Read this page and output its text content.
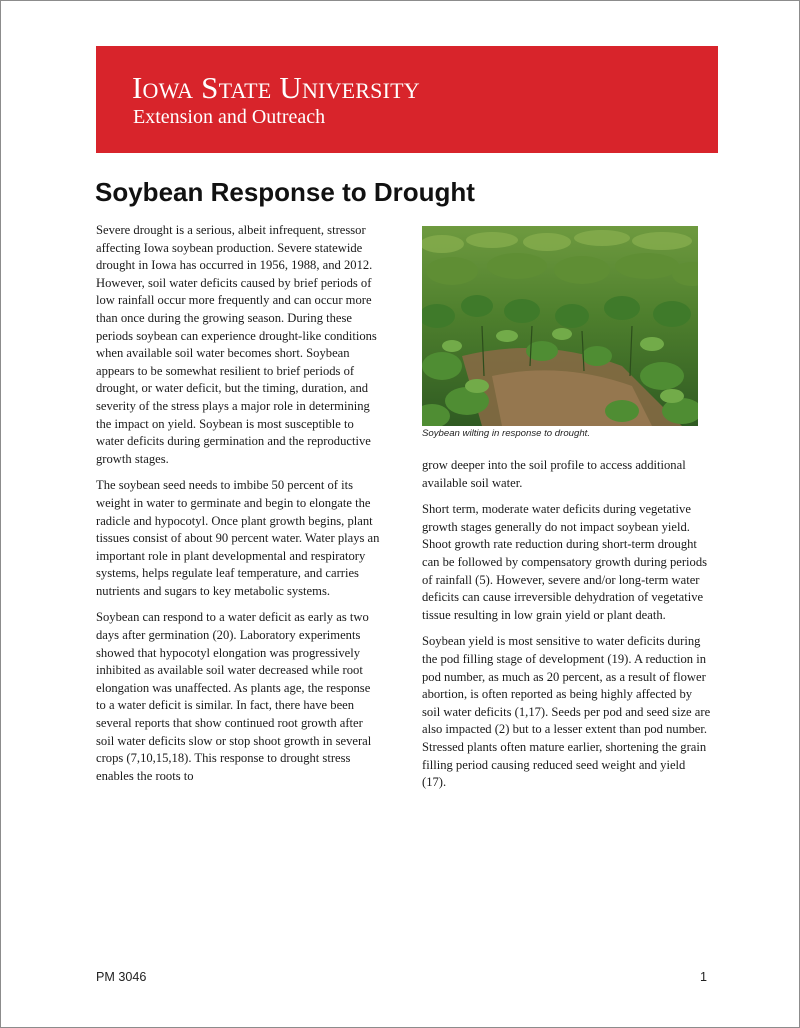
Iowa State University
Extension and Outreach
Soybean Response to Drought

Severe drought is a serious, albeit infrequent, stressor affecting Iowa soybean production. Severe statewide drought in Iowa has occurred in 1956, 1988, and 2012. However, soil water deficits caused by brief periods of low rainfall occur more frequently and can occur more than once during the growing season. During these periods soybean can experience drought-like conditions when available soil water becomes short. Soybean appears to be somewhat resilient to brief periods of drought, or water deficit, but the timing, duration, and severity of the stress plays a major role in determining the impact on yield. Soybean is most susceptible to water deficits during germination and the reproductive growth stages.

The soybean seed needs to imbibe 50 percent of its weight in water to germinate and begin to elongate the radicle and hypocotyl. Once plant growth begins, plant tissues consist of about 90 percent water. Water plays an important role in plant developmental and respiratory systems, helps regulate leaf temperature, and carries nutrients and sugars to key metabolic systems.

Soybean can respond to a water deficit as early as two days after germination (20). Laboratory experiments showed that hypocotyl elongation was progressively inhibited as available soil water decreased while root elongation was unaffected. As plants age, the response to a water deficit is similar. In fact, there have been several reports that show continued root growth after soil water deficits slow or stop shoot growth in several crops (7,10,15,18). This response to drought stress enables the roots to

Soybean wilting in response to drought.

grow deeper into the soil profile to access additional available soil water.

Short term, moderate water deficits during vegetative growth stages generally do not impact soybean yield. Shoot growth rate reduction during short-term drought can be followed by compensatory growth during periods of rainfall (5). However, severe and/or long-term water deficits can cause irreversible dehydration of vegetative tissue resulting in low grain yield or plant death.

Soybean yield is most sensitive to water deficits during the pod filling stage of development (19). A reduction in pod number, as much as 20 percent, as a result of flower abortion, is often reported as being highly affected by soil water deficits (1,17). Seeds per pod and seed size are also impacted (2) but to a lesser extent than pod number. Stressed plants often mature earlier, shortening the grain filling period causing reduced seed weight and yield (17).

PM 3046	1
